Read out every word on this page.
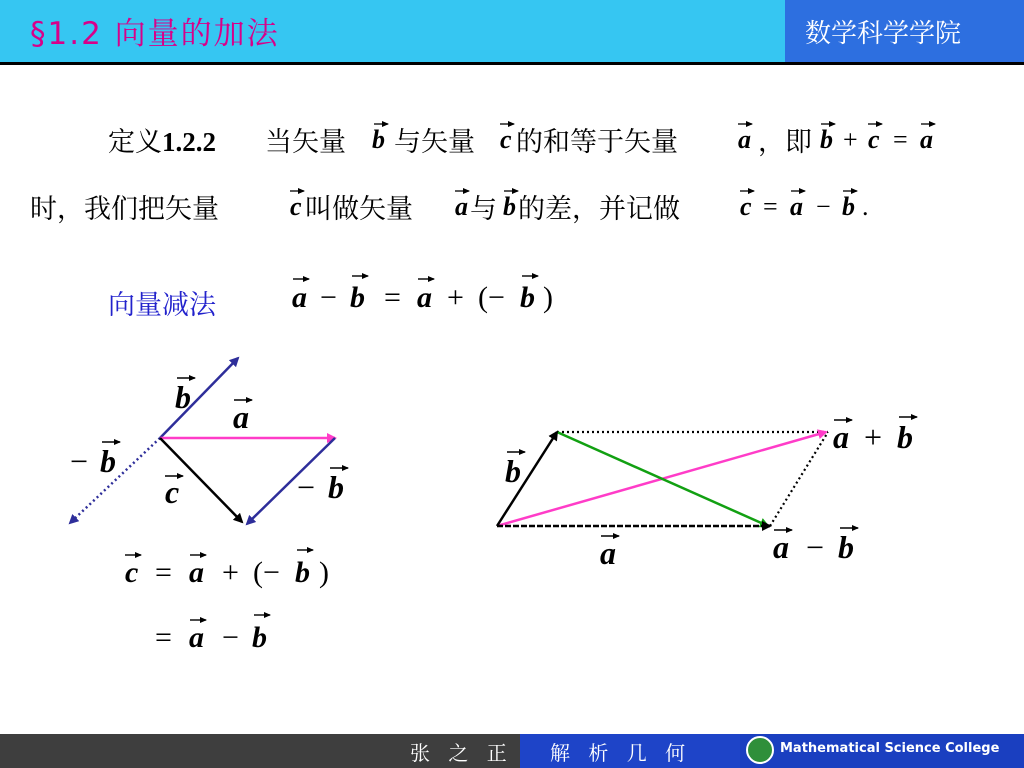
§1.2 向量的加法	数学科学学院
定义1.2.2 当矢量 与矢量 的和等于矢量	，即
时，我们把矢量	叫做矢量 与 的差，并记做
向量减法
b	c	a	b + c = a
c	a b	c = a − b .
a − b = a + (− b )
b
a
− b
c	− b
c = a + (− b )
= a − b
b
a
a + b
a − b
张 之 正 解 析 几 何	Mathematical Science College
